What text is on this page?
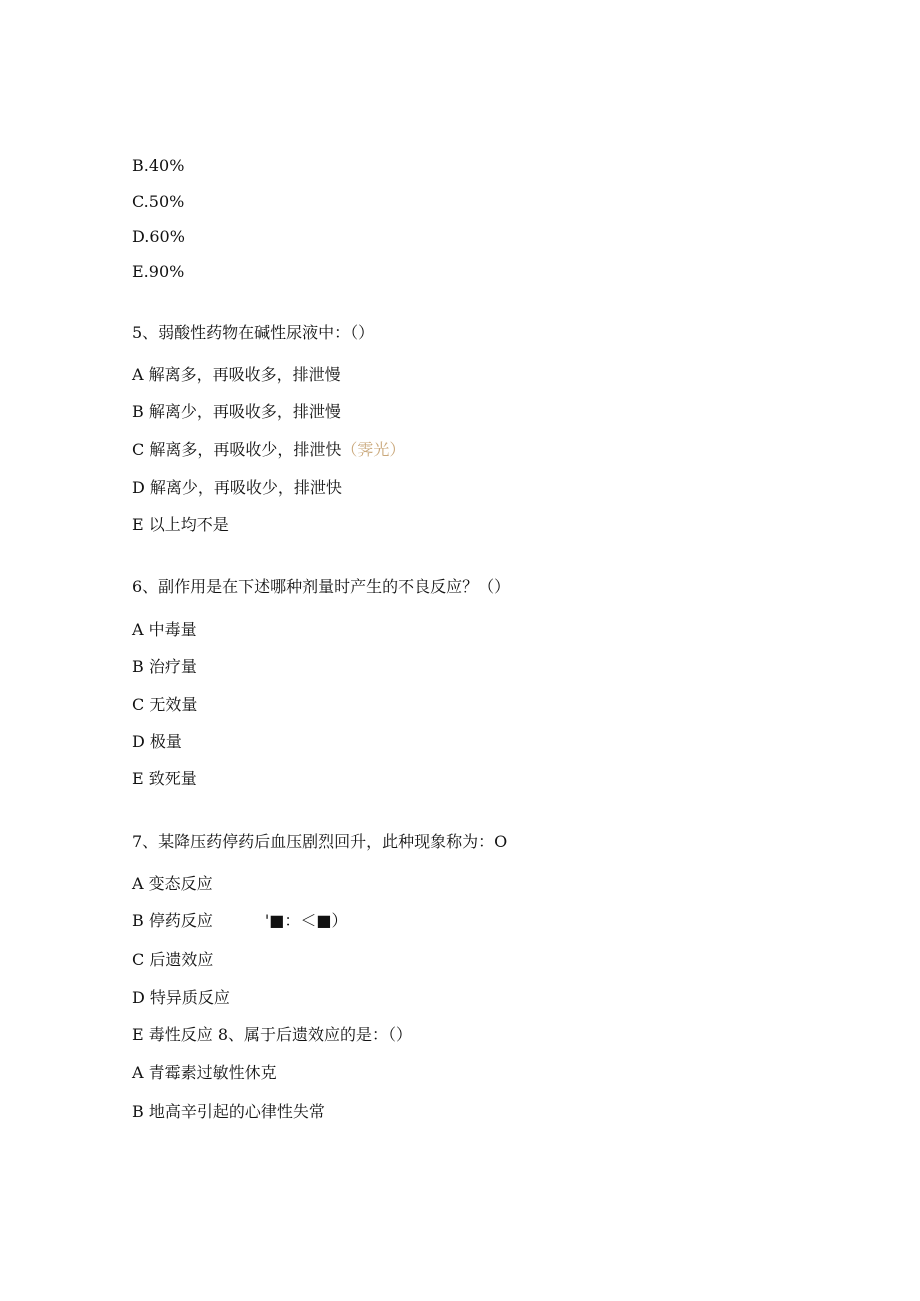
B.40%
C.50%
D.60%
E.90%
5、弱酸性药物在碱性尿液中：（）
A 解离多，再吸收多，排泄慢
B 解离少，再吸收多，排泄慢
C 解离多，再吸收少，排泄快（霁光）
D 解离少，再吸收少，排泄快
E 以上均不是
6、副作用是在下述哪种剂量时产生的不良反应？（）
A 中毒量
B 治疗量
C 无效量
D 极量
E 致死量
7、某降压药停药后血压剧烈回升，此种现象称为：O
A 变态反应
B 停药反应	'■：＜■）
C 后遗效应
D 特异质反应
E 毒性反应 8、属于后遗效应的是：（）
A 青霉素过敏性休克
B 地高辛引起的心律性失常
